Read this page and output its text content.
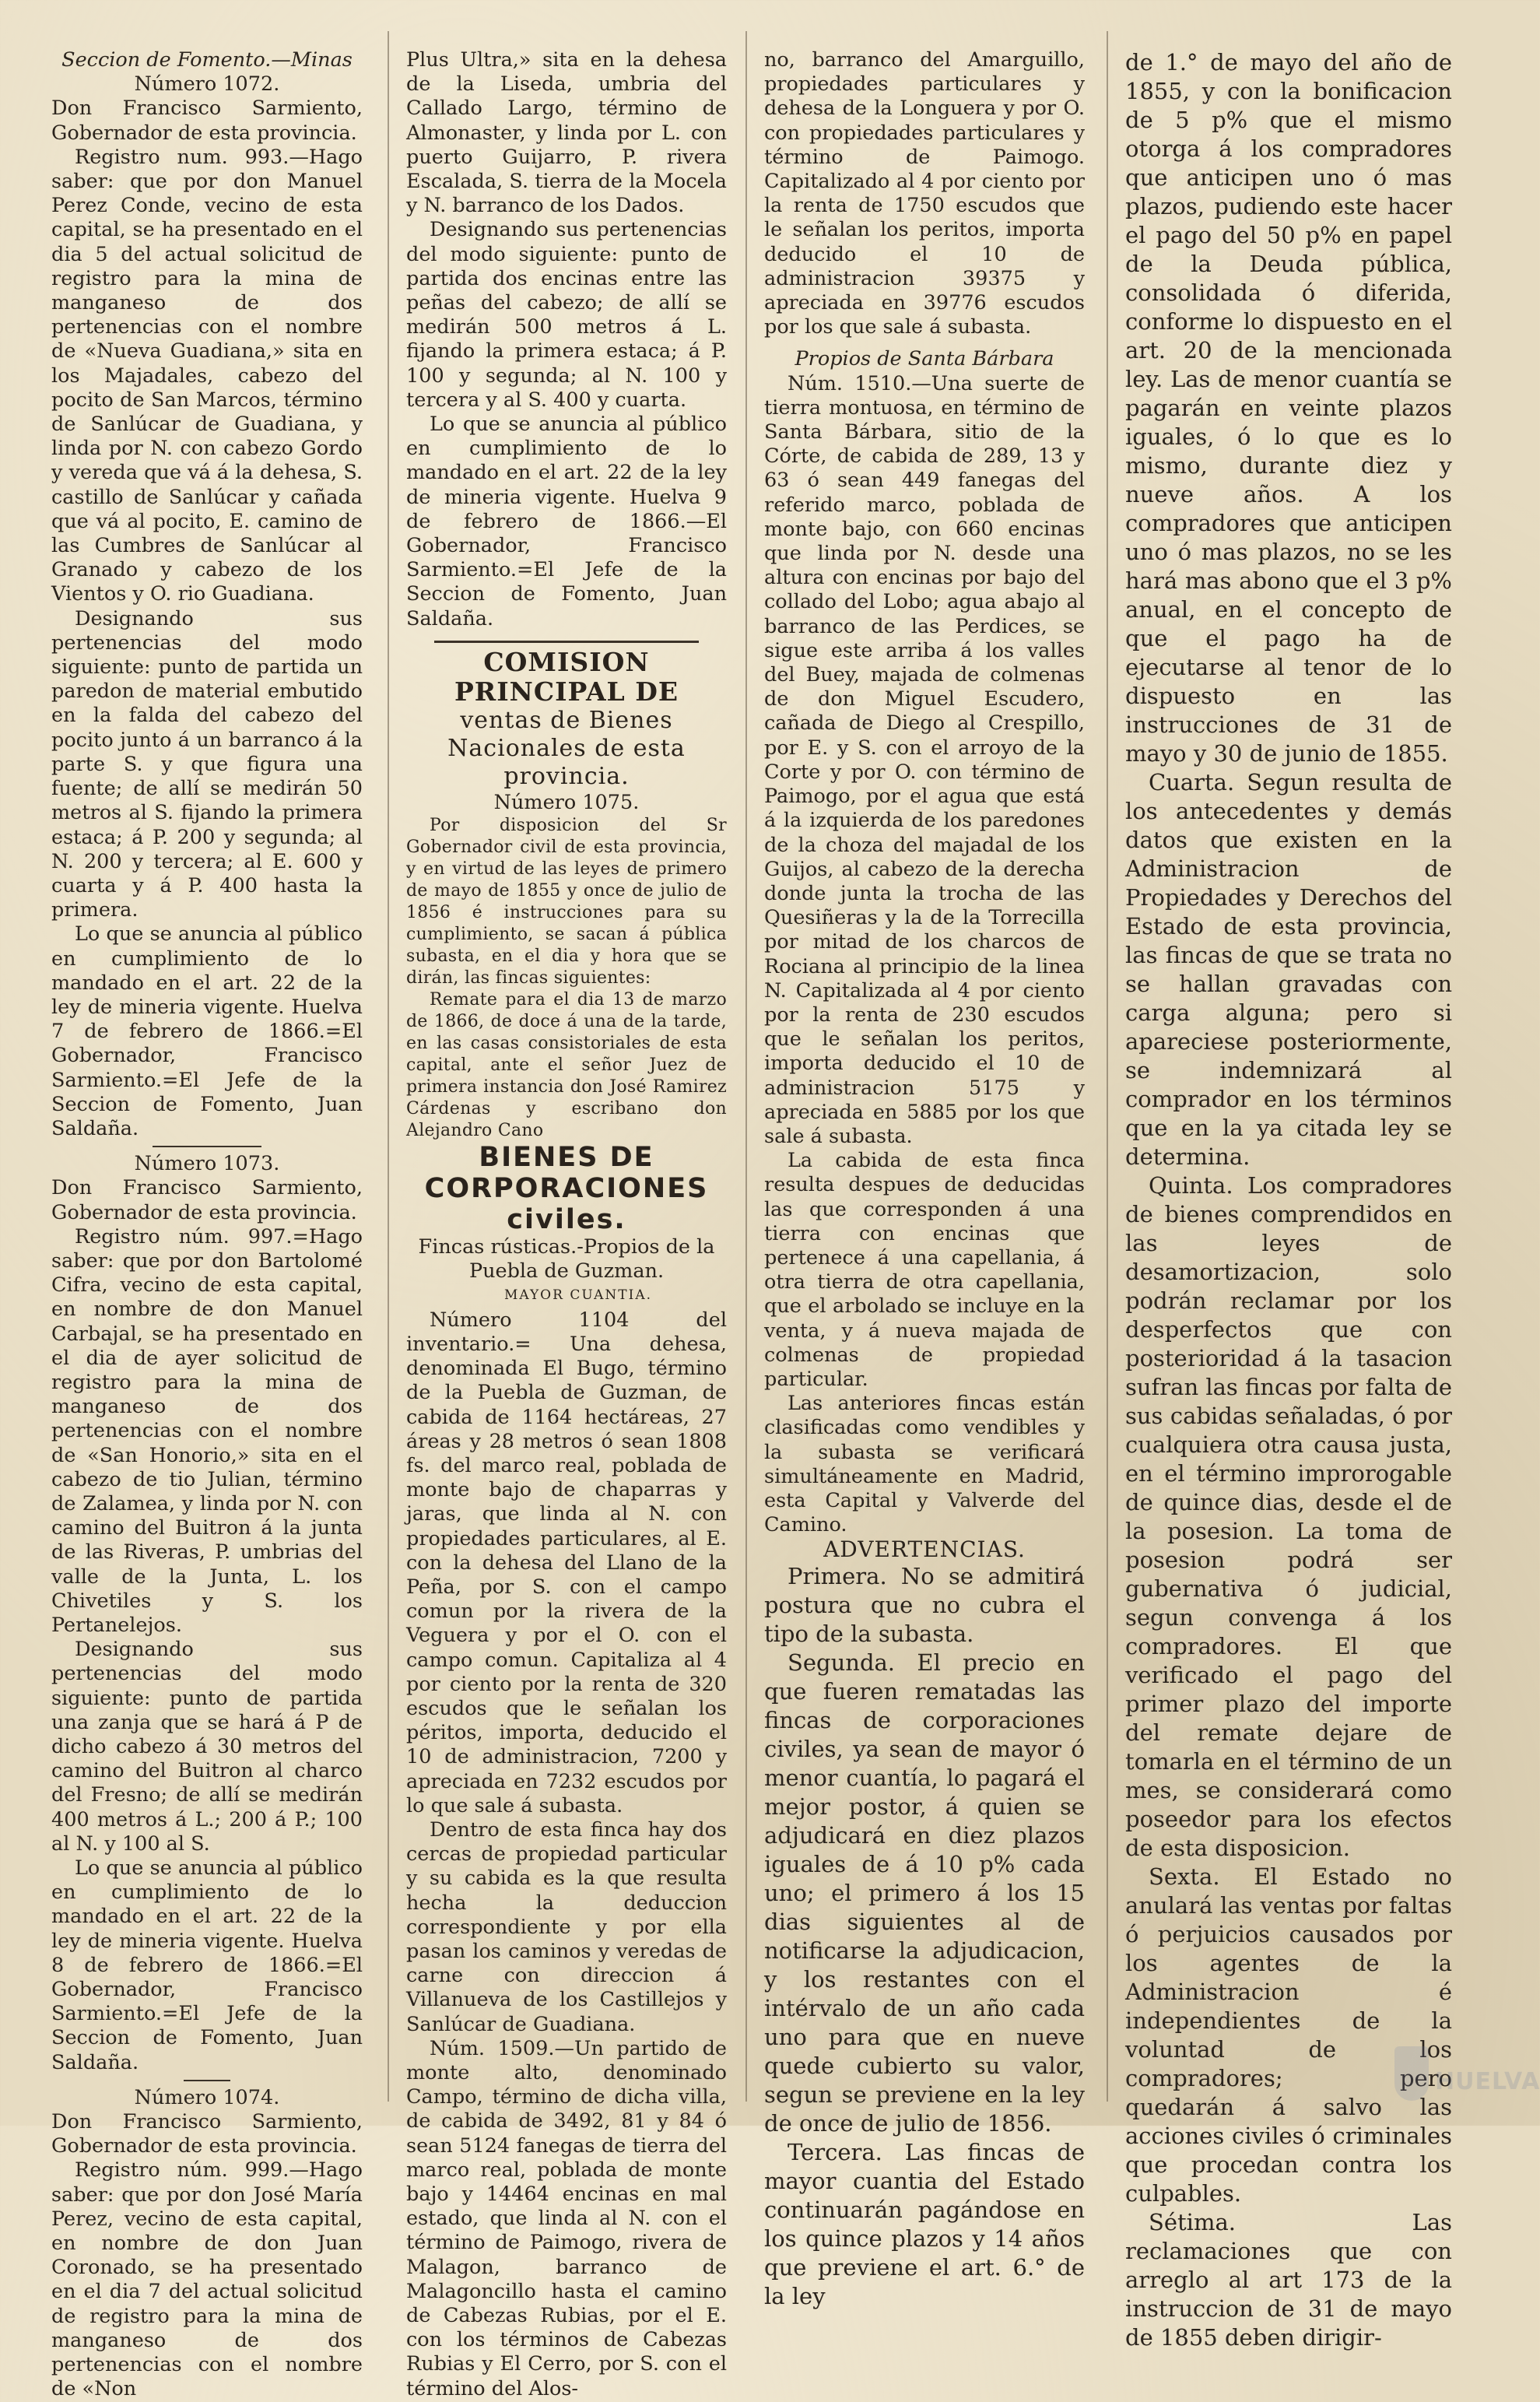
Seccion de Fomento.—Minas

Número 1072.

Don Francisco Sarmiento, Gobernador de esta provincia.

Registro num. 993.—Hago saber: que por don Manuel Perez Conde, vecino de esta capital, se ha presentado en el dia 5 del actual solicitud de registro para la mina de manganeso de dos pertenencias con el nombre de «Nueva Guadiana,» sita en los Majadales, cabezo del pocito de San Marcos, término de Sanlúcar de Guadiana, y linda por N. con cabezo Gordo y vereda que vá á la dehesa, S. castillo de Sanlúcar y cañada que vá al pocito, E. camino de las Cumbres de Sanlúcar al Granado y cabezo de los Vientos y O. rio Guadiana.

Designando sus pertenencias del modo siguiente: punto de partida un paredon de material embutido en la falda del cabezo del pocito junto á un barranco á la parte S. y que figura una fuente; de allí se medirán 50 metros al S. fijando la primera estaca; á P. 200 y segunda; al N. 200 y tercera; al E. 600 y cuarta y á P. 400 hasta la primera.

Lo que se anuncia al público en cumplimiento de lo mandado en el art. 22 de la ley de mineria vigente. Huelva 7 de febrero de 1866.=El Gobernador, Francisco Sarmiento.=El Jefe de la Seccion de Fomento, Juan Saldaña.

Número 1073.

Don Francisco Sarmiento, Gobernador de esta provincia.

Registro núm. 997.=Hago saber: que por don Bartolomé Cifra, vecino de esta capital, en nombre de don Manuel Carbajal, se ha presentado en el dia de ayer solicitud de registro para la mina de manganeso de dos pertenencias con el nombre de «San Honorio,» sita en el cabezo de tio Julian, término de Zalamea, y linda por N. con camino del Buitron á la junta de las Riveras, P. umbrias del valle de la Junta, L. los Chivetiles y S. los Pertanelejos.

Designando sus pertenencias del modo siguiente: punto de partida una zanja que se hará á P de dicho cabezo á 30 metros del camino del Buitron al charco del Fresno; de allí se medirán 400 metros á L.; 200 á P.; 100 al N. y 100 al S.

Lo que se anuncia al público en cumplimiento de lo mandado en el art. 22 de la ley de mineria vigente. Huelva 8 de febrero de 1866.=El Gobernador, Francisco Sarmiento.=El Jefe de la Seccion de Fomento, Juan Saldaña.

Número 1074.

Don Francisco Sarmiento, Gobernador de esta provincia.

Registro núm. 999.—Hago saber: que por don José María Perez, vecino de esta capital, en nombre de don Juan Coronado, se ha presentado en el dia 7 del actual solicitud de registro para la mina de manganeso de dos pertenencias con el nombre de «Non

Plus Ultra,» sita en la dehesa de la Liseda, umbria del Callado Largo, término de Almonaster, y linda por L. con puerto Guijarro, P. rivera Escalada, S. tierra de la Mocela y N. barranco de los Dados.

Designando sus pertenencias del modo siguiente: punto de partida dos encinas entre las peñas del cabezo; de allí se medirán 500 metros á L. fijando la primera estaca; á P. 100 y segunda; al N. 100 y tercera y al S. 400 y cuarta.

Lo que se anuncia al público en cumplimiento de lo mandado en el art. 22 de la ley de mineria vigente. Huelva 9 de febrero de 1866.—El Gobernador, Francisco Sarmiento.=El Jefe de la Seccion de Fomento, Juan Saldaña.

COMISION PRINCIPAL DE
ventas de Bienes Nacionales de esta provincia.

Número 1075.

Por disposicion del Sr Gobernador civil de esta provincia, y en virtud de las leyes de primero de mayo de 1855 y once de julio de 1856 é instrucciones para su cumplimiento, se sacan á pública subasta, en el dia y hora que se dirán, las fincas siguientes:

Remate para el dia 13 de marzo de 1866, de doce á una de la tarde, en las casas consistoriales de esta capital, ante el señor Juez de primera instancia don José Ramirez Cárdenas y escribano don Alejandro Cano

BIENES DE CORPORACIONES civiles.

Fincas rústicas.-Propios de la Puebla de Guzman.

MAYOR CUANTIA.

Número 1104 del inventario.= Una dehesa, denominada El Bugo, término de la Puebla de Guzman, de cabida de 1164 hectáreas, 27 áreas y 28 metros ó sean 1808 fs. del marco real, poblada de monte bajo de chaparras y jaras, que linda al N. con propiedades particulares, al E. con la dehesa del Llano de la Peña, por S. con el campo comun por la rivera de la Veguera y por el O. con el campo comun. Capitaliza al 4 por ciento por la renta de 320 escudos que le señalan los péritos, importa, deducido el 10 de administracion, 7200 y apreciada en 7232 escudos por lo que sale á subasta.

Dentro de esta finca hay dos cercas de propiedad particular y su cabida es la que resulta hecha la deduccion correspondiente y por ella pasan los caminos y veredas de carne con direccion á Villanueva de los Castillejos y Sanlúcar de Guadiana.

Núm. 1509.—Un partido de monte alto, denominado Campo, término de dicha villa, de cabida de 3492, 81 y 84 ó sean 5124 fanegas de tierra del marco real, poblada de monte bajo y 14464 encinas en mal estado, que linda al N. con el término de Paimogo, rivera de Malagon, barranco de Malagoncillo hasta el camino de Cabezas Rubias, por el E. con los términos de Cabezas Rubias y El Cerro, por S. con el término del Alos-

no, barranco del Amarguillo, propiedades particulares y dehesa de la Longuera y por O. con propiedades particulares y término de Paimogo. Capitalizado al 4 por ciento por la renta de 1750 escudos que le señalan los peritos, importa deducido el 10 de administracion 39375 y apreciada en 39776 escudos por los que sale á subasta.

Propios de Santa Bárbara

Núm. 1510.—Una suerte de tierra montuosa, en término de Santa Bárbara, sitio de la Córte, de cabida de 289, 13 y 63 ó sean 449 fanegas del referido marco, poblada de monte bajo, con 660 encinas que linda por N. desde una altura con encinas por bajo del collado del Lobo; agua abajo al barranco de las Perdices, se sigue este arriba á los valles del Buey, majada de colmenas de don Miguel Escudero, cañada de Diego al Crespillo, por E. y S. con el arroyo de la Corte y por O. con término de Paimogo, por el agua que está á la izquierda de los paredones de la choza del majadal de los Guijos, al cabezo de la derecha donde junta la trocha de las Quesiñeras y la de la Torrecilla por mitad de los charcos de Rociana al principio de la linea N. Capitalizada al 4 por ciento por la renta de 230 escudos que le señalan los peritos, importa deducido el 10 de administracion 5175 y apreciada en 5885 por los que sale á subasta.

La cabida de esta finca resulta despues de deducidas las que corresponden á una tierra con encinas que pertenece á una capellania, á otra tierra de otra capellania, que el arbolado se incluye en la venta, y á nueva majada de colmenas de propiedad particular.

Las anteriores fincas están clasificadas como vendibles y la subasta se verificará simultáneamente en Madrid, esta Capital y Valverde del Camino.

ADVERTENCIAS.

Primera. No se admitirá postura que no cubra el tipo de la subasta.

Segunda. El precio en que fueren rematadas las fincas de corporaciones civiles, ya sean de mayor ó menor cuantía, lo pagará el mejor postor, á quien se adjudicará en diez plazos iguales de á 10 p% cada uno; el primero á los 15 dias siguientes al de notificarse la adjudicacion, y los restantes con el intérvalo de un año cada uno para que en nueve quede cubierto su valor, segun se previene en la ley de once de julio de 1856.

Tercera. Las fincas de mayor cuantia del Estado continuarán pagándose en los quince plazos y 14 años que previene el art. 6.° de la ley

de 1.° de mayo del año de 1855, y con la bonificacion de 5 p% que el mismo otorga á los compradores que anticipen uno ó mas plazos, pudiendo este hacer el pago del 50 p% en papel de la Deuda pública, consolidada ó diferida, conforme lo dispuesto en el art. 20 de la mencionada ley. Las de menor cuantía se pagarán en veinte plazos iguales, ó lo que es lo mismo, durante diez y nueve años. A los compradores que anticipen uno ó mas plazos, no se les hará mas abono que el 3 p% anual, en el concepto de que el pago ha de ejecutarse al tenor de lo dispuesto en las instrucciones de 31 de mayo y 30 de junio de 1855.

Cuarta. Segun resulta de los antecedentes y demás datos que existen en la Administracion de Propiedades y Derechos del Estado de esta provincia, las fincas de que se trata no se hallan gravadas con carga alguna; pero si apareciese posteriormente, se indemnizará al comprador en los términos que en la ya citada ley se determina.

Quinta. Los compradores de bienes comprendidos en las leyes de desamortizacion, solo podrán reclamar por los desperfectos que con posterioridad á la tasacion sufran las fincas por falta de sus cabidas señaladas, ó por cualquiera otra causa justa, en el término improrogable de quince dias, desde el de la posesion. La toma de posesion podrá ser gubernativa ó judicial, segun convenga á los compradores. El que verificado el pago del primer plazo del importe del remate dejare de tomarla en el término de un mes, se considerará como poseedor para los efectos de esta disposicion.

Sexta. El Estado no anulará las ventas por faltas ó perjuicios causados por los agentes de la Administracion é independientes de la voluntad de los compradores; pero quedarán á salvo las acciones civiles ó criminales que procedan contra los culpables.

Sétima. Las reclamaciones que con arreglo al art 173 de la instruccion de 31 de mayo de 1855 deben dirigir-

HUELVA
